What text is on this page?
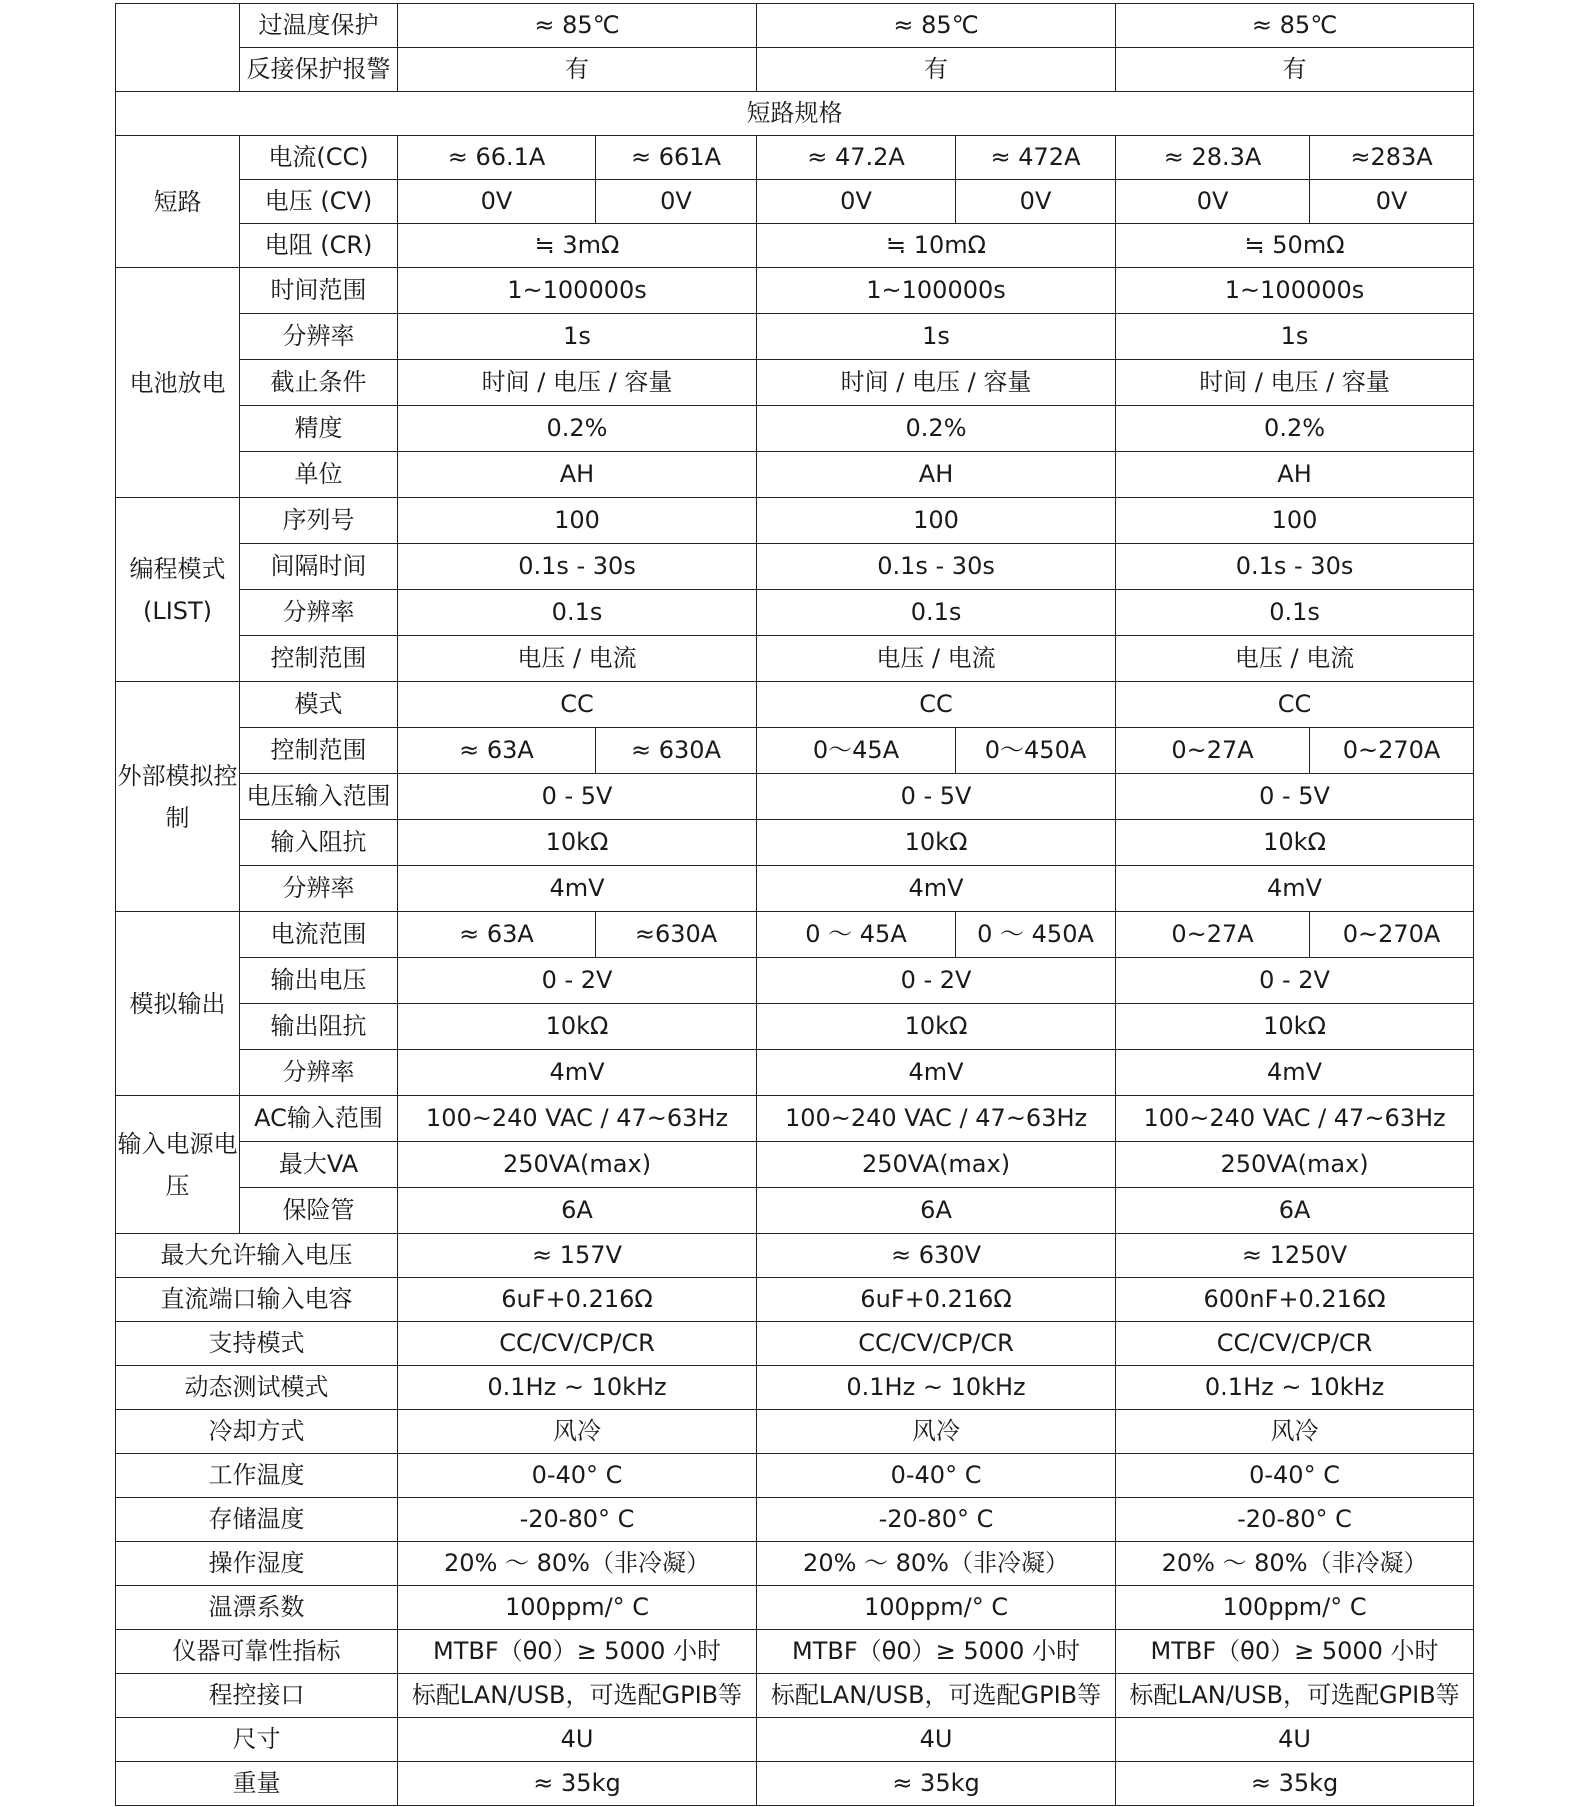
	过温度保护	≈ 85℃		≈ 85℃		≈ 85℃	
	反接保护报警	有		有		有	
短路规格							
短路	电流(CC)	≈ 66.1A	≈ 661A	≈ 47.2A	≈ 472A	≈ 28.3A	≈283A
	电压 (CV)	0V	0V	0V	0V	0V	0V
	电阻 (CR)	≒ 3mΩ		≒ 10mΩ		≒ 50mΩ	
电池放电	时间范围	1~100000s		1~100000s		1~100000s	
	分辨率	1s		1s		1s	
	截止条件	时间 / 电压 / 容量		时间 / 电压 / 容量		时间 / 电压 / 容量	
	精度	0.2%		0.2%		0.2%	
	单位	AH		AH		AH	
编程模式(LIST)	序列号	100		100		100	
	间隔时间	0.1s - 30s		0.1s - 30s		0.1s - 30s	
	分辨率	0.1s		0.1s		0.1s	
	控制范围	电压 / 电流		电压 / 电流		电压 / 电流	
外部模拟控制	模式	CC		CC		CC	
	控制范围	≈ 63A	≈ 630A	0～45A	0～450A	0~27A	0~270A
	电压输入范围	0 - 5V		0 - 5V		0 - 5V	
	输入阻抗	10kΩ		10kΩ		10kΩ	
	分辨率	4mV		4mV		4mV	
模拟输出	电流范围	≈ 63A	≈630A	0 ～ 45A	0 ～ 450A	0~27A	0~270A
	输出电压	0 - 2V		0 - 2V		0 - 2V	
	输出阻抗	10kΩ		10kΩ		10kΩ	
	分辨率	4mV		4mV		4mV	
输入电源电压	AC输入范围	100~240 VAC / 47~63Hz		100~240 VAC / 47~63Hz		100~240 VAC / 47~63Hz	
	最大VA	250VA(max)		250VA(max)		250VA(max)	
	保险管	6A		6A		6A	
最大允许输入电压		≈ 157V		≈ 630V		≈ 1250V	
直流端口输入电容		6uF+0.216Ω		6uF+0.216Ω		600nF+0.216Ω	
支持模式		CC/CV/CP/CR		CC/CV/CP/CR		CC/CV/CP/CR	
动态测试模式		0.1Hz ~ 10kHz		0.1Hz ~ 10kHz		0.1Hz ~ 10kHz	
冷却方式		风冷		风冷		风冷	
工作温度		0-40° C		0-40° C		0-40° C	
存储温度		-20-80° C		-20-80° C		-20-80° C	
操作湿度		20% ～ 80%（非冷凝）		20% ～ 80%（非冷凝）		20% ～ 80%（非冷凝）	
温漂系数		100ppm/° C		100ppm/° C		100ppm/° C	
仪器可靠性指标		MTBF（θ0）≥ 5000 小时		MTBF（θ0）≥ 5000 小时		MTBF（θ0）≥ 5000 小时	
程控接口		标配LAN/USB，可选配GPIB等		标配LAN/USB，可选配GPIB等		标配LAN/USB，可选配GPIB等	
尺寸		4U		4U		4U	
重量		≈ 35kg		≈ 35kg		≈ 35kg	
